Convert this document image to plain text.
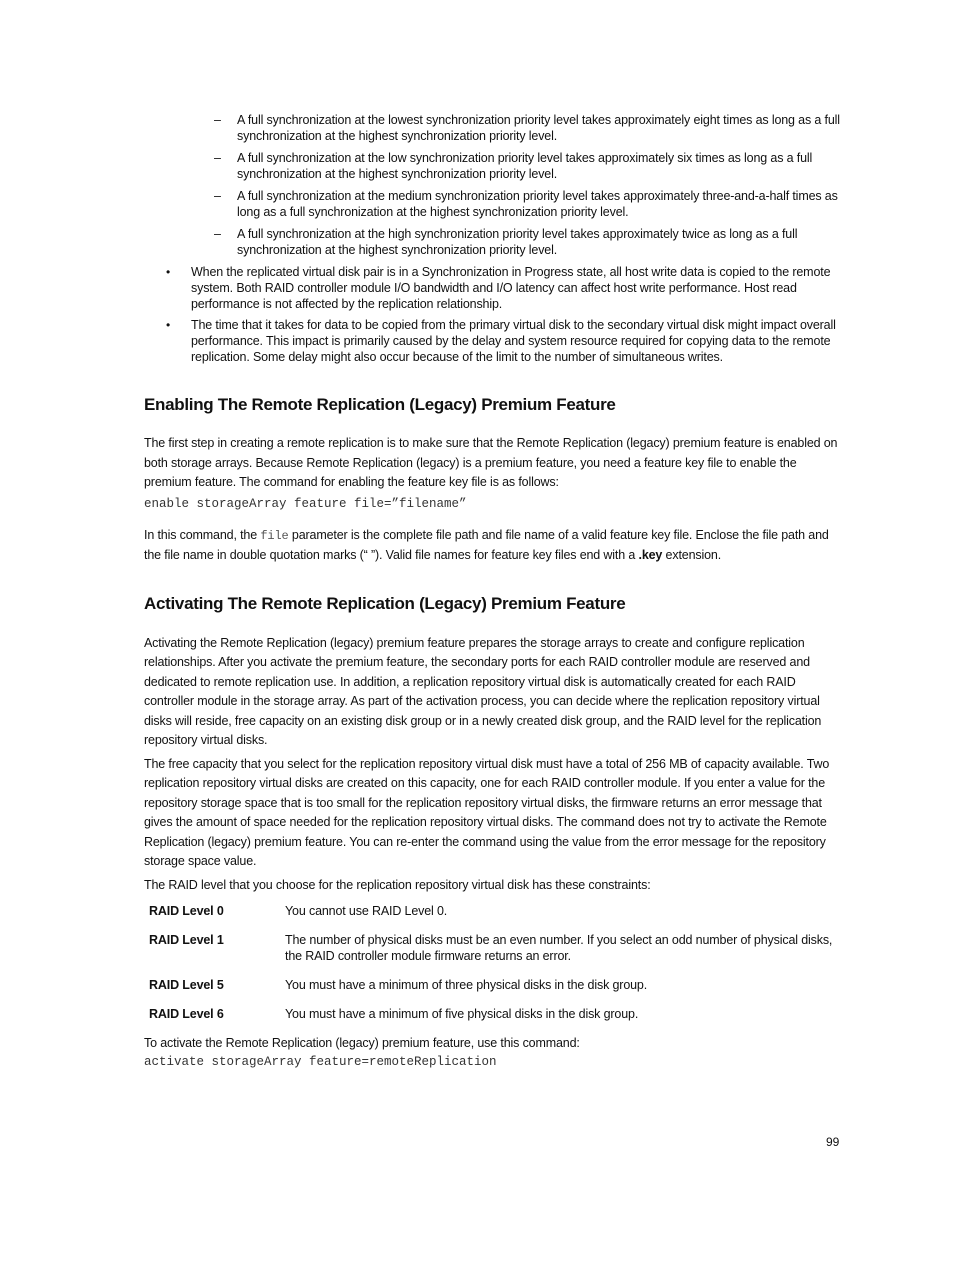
– A full synchronization at the lowest synchronization priority level takes approximately eight times as long as a full synchronization at the highest synchronization priority level.
– A full synchronization at the low synchronization priority level takes approximately six times as long as a full synchronization at the highest synchronization priority level.
– A full synchronization at the medium synchronization priority level takes approximately three-and-a-half times as long as a full synchronization at the highest synchronization priority level.
– A full synchronization at the high synchronization priority level takes approximately twice as long as a full synchronization at the highest synchronization priority level.
• When the replicated virtual disk pair is in a Synchronization in Progress state, all host write data is copied to the remote system. Both RAID controller module I/O bandwidth and I/O latency can affect host write performance. Host read performance is not affected by the replication relationship.
• The time that it takes for data to be copied from the primary virtual disk to the secondary virtual disk might impact overall performance. This impact is primarily caused by the delay and system resource required for copying data to the remote replication. Some delay might also occur because of the limit to the number of simultaneous writes.
Enabling The Remote Replication (Legacy) Premium Feature

The first step in creating a remote replication is to make sure that the Remote Replication (legacy) premium feature is enabled on both storage arrays. Because Remote Replication (legacy) is a premium feature, you need a feature key file to enable the premium feature. The command for enabling the feature key file is as follows:

enable storageArray feature file=”filename”

In this command, the file parameter is the complete file path and file name of a valid feature key file. Enclose the file path and the file name in double quotation marks (“ ”). Valid file names for feature key files end with a .key extension.

Activating The Remote Replication (Legacy) Premium Feature

Activating the Remote Replication (legacy) premium feature prepares the storage arrays to create and configure replication relationships. After you activate the premium feature, the secondary ports for each RAID controller module are reserved and dedicated to remote replication use. In addition, a replication repository virtual disk is automatically created for each RAID controller module in the storage array. As part of the activation process, you can decide where the replication repository virtual disks will reside, free capacity on an existing disk group or in a newly created disk group, and the RAID level for the replication repository virtual disks.

The free capacity that you select for the replication repository virtual disk must have a total of 256 MB of capacity available. Two replication repository virtual disks are created on this capacity, one for each RAID controller module. If you enter a value for the repository storage space that is too small for the replication repository virtual disks, the firmware returns an error message that gives the amount of space needed for the replication repository virtual disks. The command does not try to activate the Remote Replication (legacy) premium feature. You can re-enter the command using the value from the error message for the repository storage space value.

The RAID level that you choose for the replication repository virtual disk has these constraints:

RAID Level 0	You cannot use RAID Level 0.
RAID Level 1	The number of physical disks must be an even number. If you select an odd number of physical disks, the RAID controller module firmware returns an error.
RAID Level 5	You must have a minimum of three physical disks in the disk group.
RAID Level 6	You must have a minimum of five physical disks in the disk group.

To activate the Remote Replication (legacy) premium feature, use this command:

activate storageArray feature=remoteReplication
99
